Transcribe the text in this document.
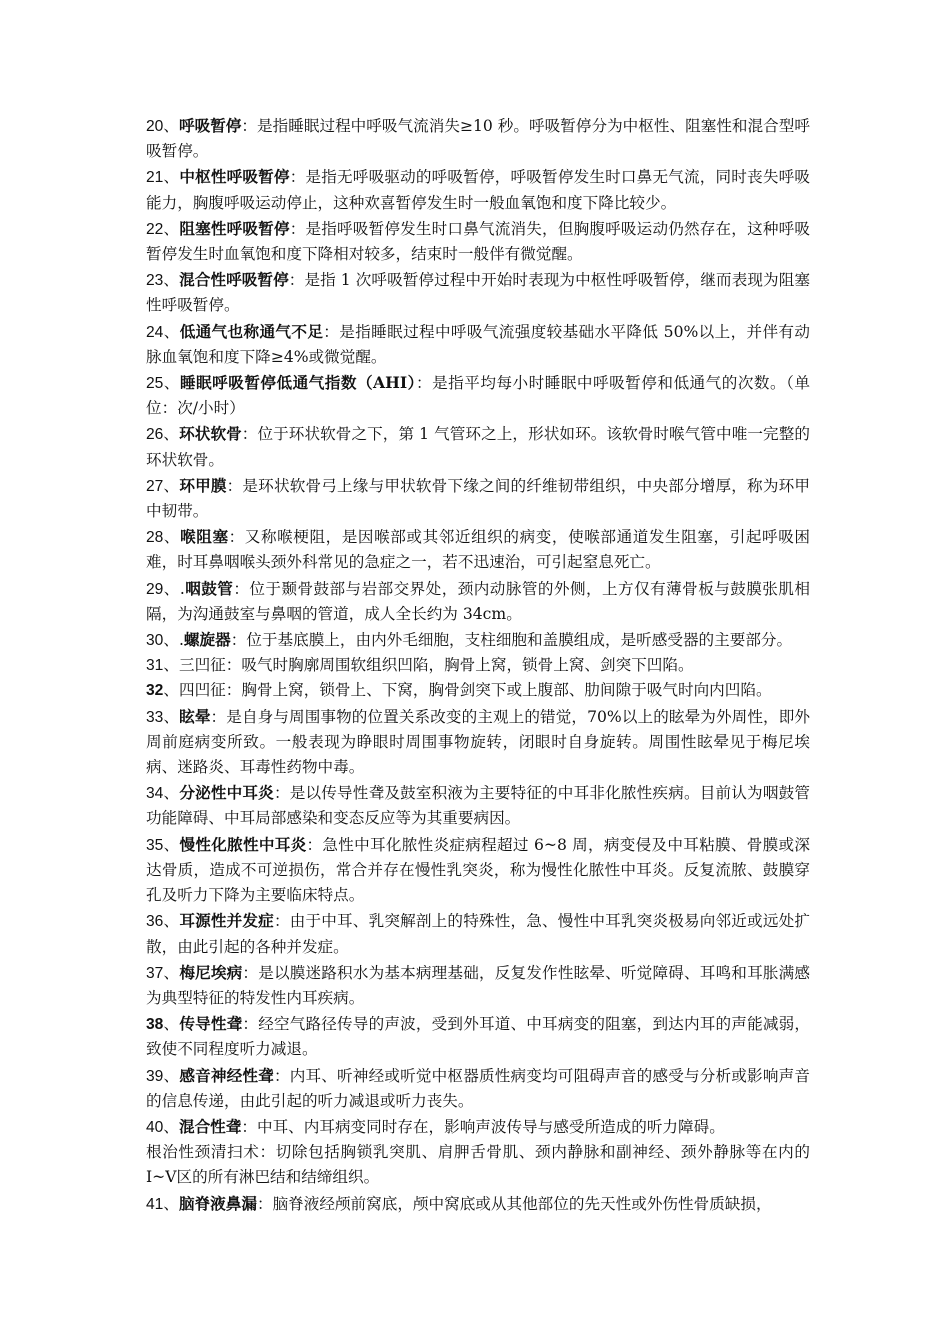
20、呼吸暂停：是指睡眠过程中呼吸气流消失≥10 秒。呼吸暂停分为中枢性、阻塞性和混合型呼吸暂停。

21、中枢性呼吸暂停：是指无呼吸驱动的呼吸暂停，呼吸暂停发生时口鼻无气流，同时丧失呼吸能力，胸腹呼吸运动停止，这种欢喜暂停发生时一般血氧饱和度下降比较少。

22、阻塞性呼吸暂停：是指呼吸暂停发生时口鼻气流消失，但胸腹呼吸运动仍然存在，这种呼吸暂停发生时血氧饱和度下降相对较多，结束时一般伴有微觉醒。

23、混合性呼吸暂停：是指 1 次呼吸暂停过程中开始时表现为中枢性呼吸暂停，继而表现为阻塞性呼吸暂停。

24、低通气也称通气不足：是指睡眠过程中呼吸气流强度较基础水平降低 50%以上，并伴有动脉血氧饱和度下降≥4%或微觉醒。

25、睡眠呼吸暂停低通气指数（AHI）：是指平均每小时睡眠中呼吸暂停和低通气的次数。（单位：次/小时）

26、环状软骨：位于环状软骨之下，第 1 气管环之上，形状如环。该软骨时喉气管中唯一完整的环状软骨。

27、环甲膜：是环状软骨弓上缘与甲状软骨下缘之间的纤维韧带组织，中央部分增厚，称为环甲中韧带。

28、喉阻塞：又称喉梗阻，是因喉部或其邻近组织的病变，使喉部通道发生阻塞，引起呼吸困难，时耳鼻咽喉头颈外科常见的急症之一，若不迅速治，可引起窒息死亡。

29、.咽鼓管：位于颞骨鼓部与岩部交界处，颈内动脉管的外侧，上方仅有薄骨板与鼓膜张肌相隔，为沟通鼓室与鼻咽的管道，成人全长约为 34cm。

30、.螺旋器：位于基底膜上，由内外毛细胞，支柱细胞和盖膜组成，是听感受器的主要部分。

31、三凹征：吸气时胸廓周围软组织凹陷，胸骨上窝，锁骨上窝、剑突下凹陷。

32、四凹征：胸骨上窝，锁骨上、下窝，胸骨剑突下或上腹部、肋间隙于吸气时向内凹陷。

33、眩晕：是自身与周围事物的位置关系改变的主观上的错觉，70%以上的眩晕为外周性，即外周前庭病变所致。一般表现为睁眼时周围事物旋转，闭眼时自身旋转。周围性眩晕见于梅尼埃病、迷路炎、耳毒性药物中毒。

34、分泌性中耳炎：是以传导性聋及鼓室积液为主要特征的中耳非化脓性疾病。目前认为咽鼓管功能障碍、中耳局部感染和变态反应等为其重要病因。

35、慢性化脓性中耳炎：急性中耳化脓性炎症病程超过 6~8 周，病变侵及中耳粘膜、骨膜或深达骨质，造成不可逆损伤，常合并存在慢性乳突炎，称为慢性化脓性中耳炎。反复流脓、鼓膜穿孔及听力下降为主要临床特点。

36、耳源性并发症：由于中耳、乳突解剖上的特殊性，急、慢性中耳乳突炎极易向邻近或远处扩散，由此引起的各种并发症。

37、梅尼埃病：是以膜迷路积水为基本病理基础，反复发作性眩晕、听觉障碍、耳鸣和耳胀满感为典型特征的特发性内耳疾病。

38、传导性聋：经空气路径传导的声波，受到外耳道、中耳病变的阻塞，到达内耳的声能减弱，致使不同程度听力减退。

39、感音神经性聋：内耳、听神经或听觉中枢器质性病变均可阻碍声音的感受与分析或影响声音的信息传递，由此引起的听力减退或听力丧失。

40、混合性聋：中耳、内耳病变同时存在，影响声波传导与感受所造成的听力障碍。

根治性颈清扫术：切除包括胸锁乳突肌、肩胛舌骨肌、颈内静脉和副神经、颈外静脉等在内的Ⅰ~Ⅴ区的所有淋巴结和结缔组织。

41、脑脊液鼻漏：脑脊液经颅前窝底，颅中窝底或从其他部位的先天性或外伤性骨质缺损，
